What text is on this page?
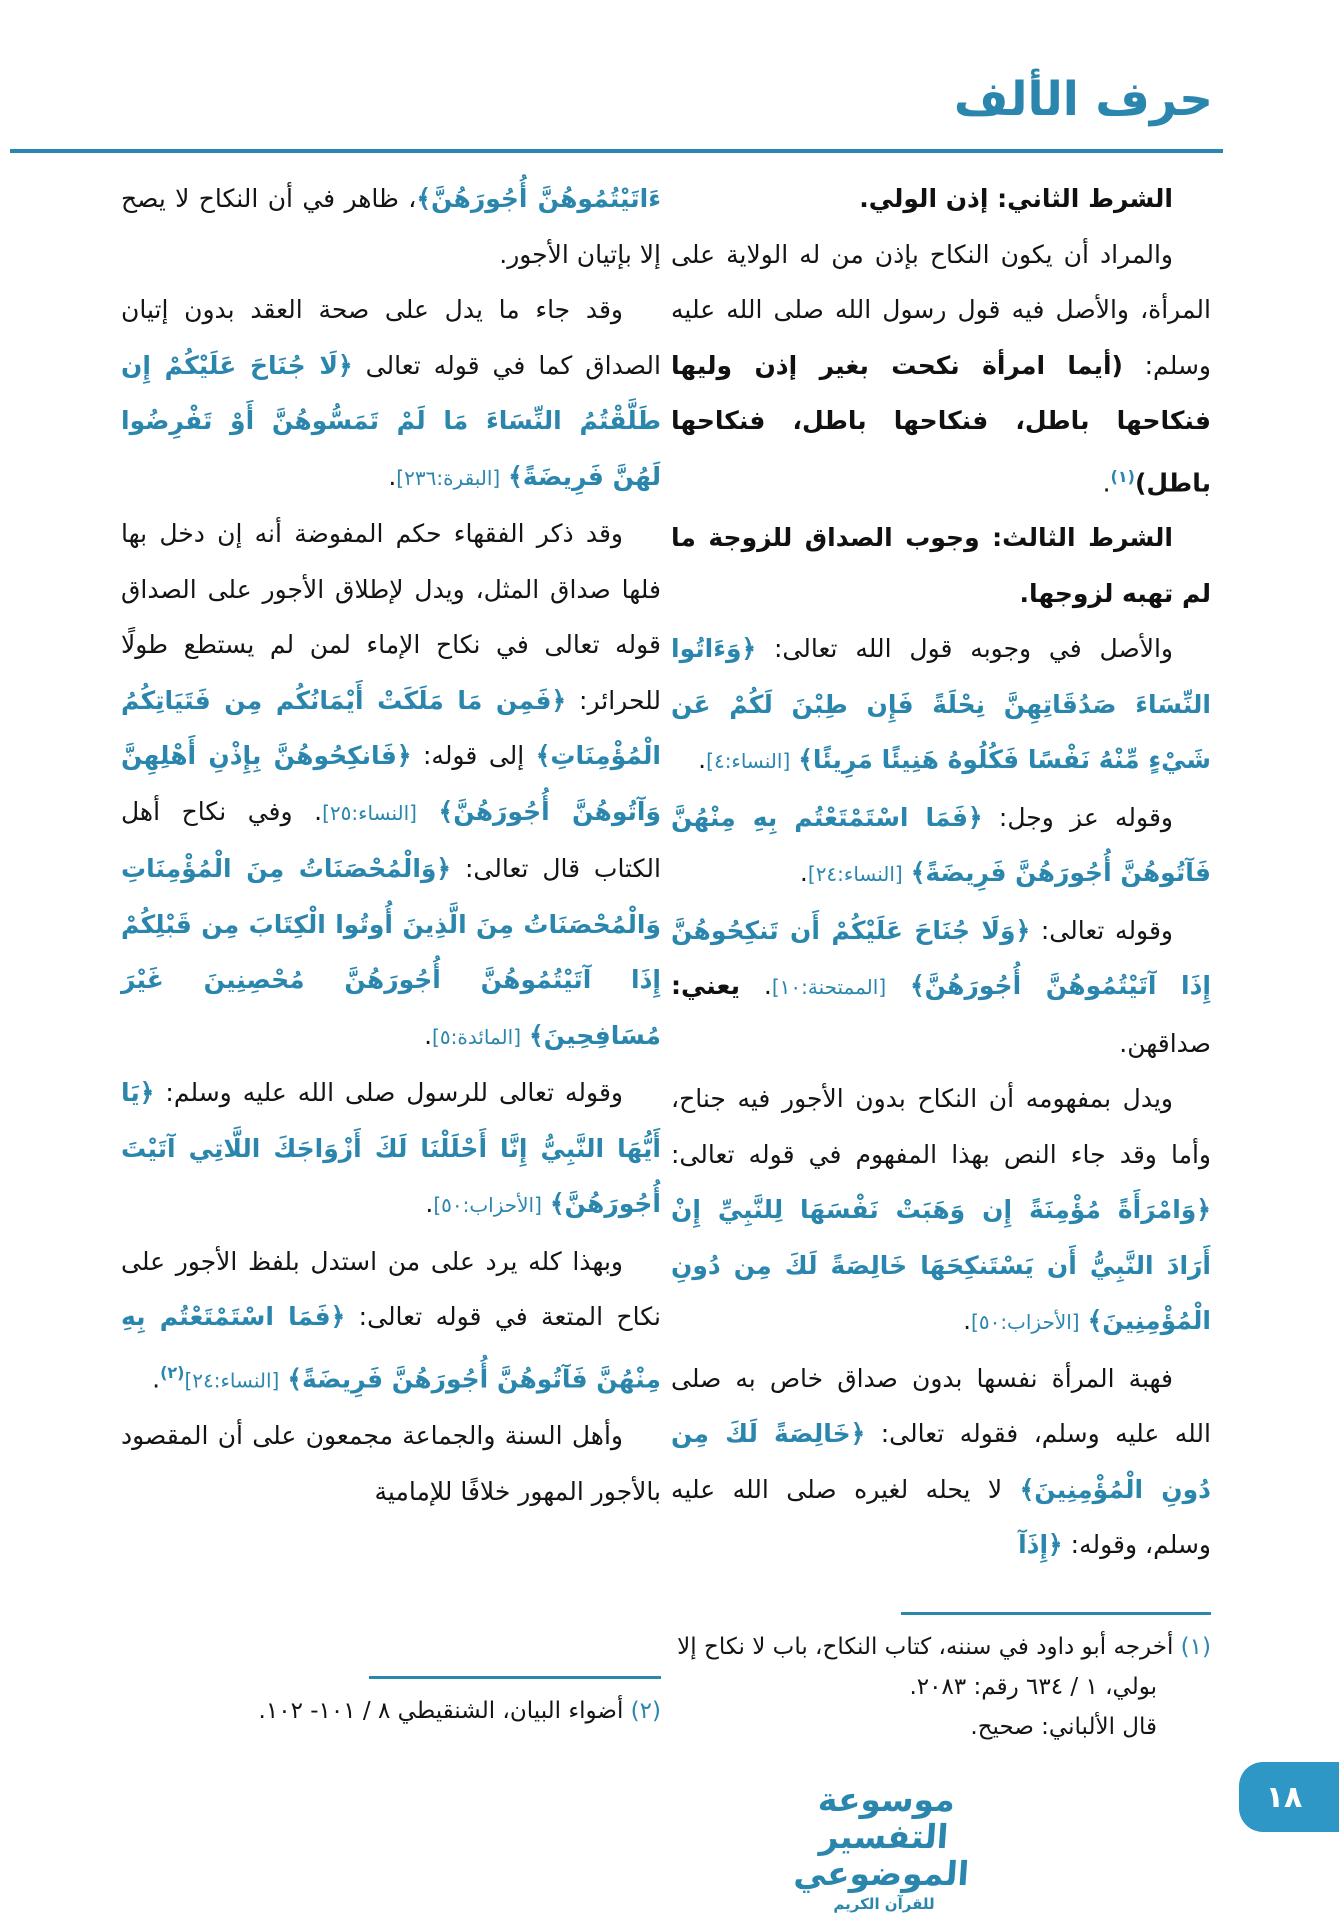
حرف الألف
الشرط الثاني: إذن الولي.
والمراد أن يكون النكاح بإذن من له الولاية على المرأة، والأصل فيه قول رسول الله صلى الله عليه وسلم: (أيما امرأة نكحت بغير إذن وليها فنكاحها باطل، فنكاحها باطل، فنكاحها باطل)$^{(١)}$.
الشرط الثالث: وجوب الصداق للزوجة ما لم تهبه لزوجها.
والأصل في وجوبه قول الله تعالى: ﴿وَءَاتُوا النِّسَاءَ صَدُقَاتِهِنَّ نِحْلَةً فَإِن طِبْنَ لَكُمْ عَن شَيْءٍ مِّنْهُ نَفْسًا فَكُلُوهُ هَنِيئًا مَرِيئًا﴾ [النساء:٤].
وقوله عز وجل: ﴿فَمَا اسْتَمْتَعْتُم بِهِ مِنْهُنَّ فَآتُوهُنَّ أُجُورَهُنَّ فَرِيضَةً﴾ [النساء:٢٤].
وقوله تعالى: ﴿وَلَا جُنَاحَ عَلَيْكُمْ أَن تَنكِحُوهُنَّ إِذَا آتَيْتُمُوهُنَّ أُجُورَهُنَّ﴾ [الممتحنة:١٠]. يعني: صداقهن.
ويدل بمفهومه أن النكاح بدون الأجور فيه جناح، وأما وقد جاء النص بهذا المفهوم في قوله تعالى: ﴿وَامْرَأَةً مُؤْمِنَةً إِن وَهَبَتْ نَفْسَهَا لِلنَّبِيِّ إِنْ أَرَادَ النَّبِيُّ أَن يَسْتَنكِحَهَا خَالِصَةً لَكَ مِن دُونِ الْمُؤْمِنِينَ﴾ [الأحزاب:٥٠].
فهبة المرأة نفسها بدون صداق خاص به صلى الله عليه وسلم، فقوله تعالى: ﴿خَالِصَةً لَكَ مِن دُونِ الْمُؤْمِنِينَ﴾ لا يحله لغيره صلى الله عليه وسلم، وقوله: ﴿إِذَآ
ءَاتَيْتُمُوهُنَّ أُجُورَهُنَّ﴾، ظاهر في أن النكاح لا يصح إلا بإتيان الأجور.
وقد جاء ما يدل على صحة العقد بدون إتيان الصداق كما في قوله تعالى ﴿لَا جُنَاحَ عَلَيْكُمْ إِن طَلَّقْتُمُ النِّسَاءَ مَا لَمْ تَمَسُّوهُنَّ أَوْ تَفْرِضُوا لَهُنَّ فَرِيضَةً﴾ [البقرة:٢٣٦].
وقد ذكر الفقهاء حكم المفوضة أنه إن دخل بها فلها صداق المثل، ويدل لإطلاق الأجور على الصداق قوله تعالى في نكاح الإماء لمن لم يستطع طولًا للحرائر: ﴿فَمِن مَا مَلَكَتْ أَيْمَانُكُم مِن فَتَيَاتِكُمُ الْمُؤْمِنَاتِ﴾ إلى قوله: ﴿فَانكِحُوهُنَّ بِإِذْنِ أَهْلِهِنَّ وَآتُوهُنَّ أُجُورَهُنَّ﴾ [النساء:٢٥]. وفي نكاح أهل الكتاب قال تعالى: ﴿وَالْمُحْصَنَاتُ مِنَ الْمُؤْمِنَاتِ وَالْمُحْصَنَاتُ مِنَ الَّذِينَ أُوتُوا الْكِتَابَ مِن قَبْلِكُمْ إِذَا آتَيْتُمُوهُنَّ أُجُورَهُنَّ مُحْصِنِينَ غَيْرَ مُسَافِحِينَ﴾ [المائدة:٥].
وقوله تعالى للرسول صلى الله عليه وسلم: ﴿يَا أَيُّهَا النَّبِيُّ إِنَّا أَحْلَلْنَا لَكَ أَزْوَاجَكَ اللَّاتِي آتَيْتَ أُجُورَهُنَّ﴾ [الأحزاب:٥٠].
وبهذا كله يرد على من استدل بلفظ الأجور على نكاح المتعة في قوله تعالى: ﴿فَمَا اسْتَمْتَعْتُم بِهِ مِنْهُنَّ فَآتُوهُنَّ أُجُورَهُنَّ فَرِيضَةً﴾ [النساء:٢٤]$^{(٢)}$.
وأهل السنة والجماعة مجمعون على أن المقصود بالأجور المهور خلافًا للإمامية
(١) أخرجه أبو داود في سننه، كتاب النكاح، باب لا نكاح إلا بولي، ١ / ٦٣٤ رقم: ٢٠٨٣.
قال الألباني: صحيح.
(٢) أضواء البيان، الشنقيطي ٨ / ١٠١- ١٠٢.
موسوعة التفسير الموضوعي
للقرآن الكريم
١٨
